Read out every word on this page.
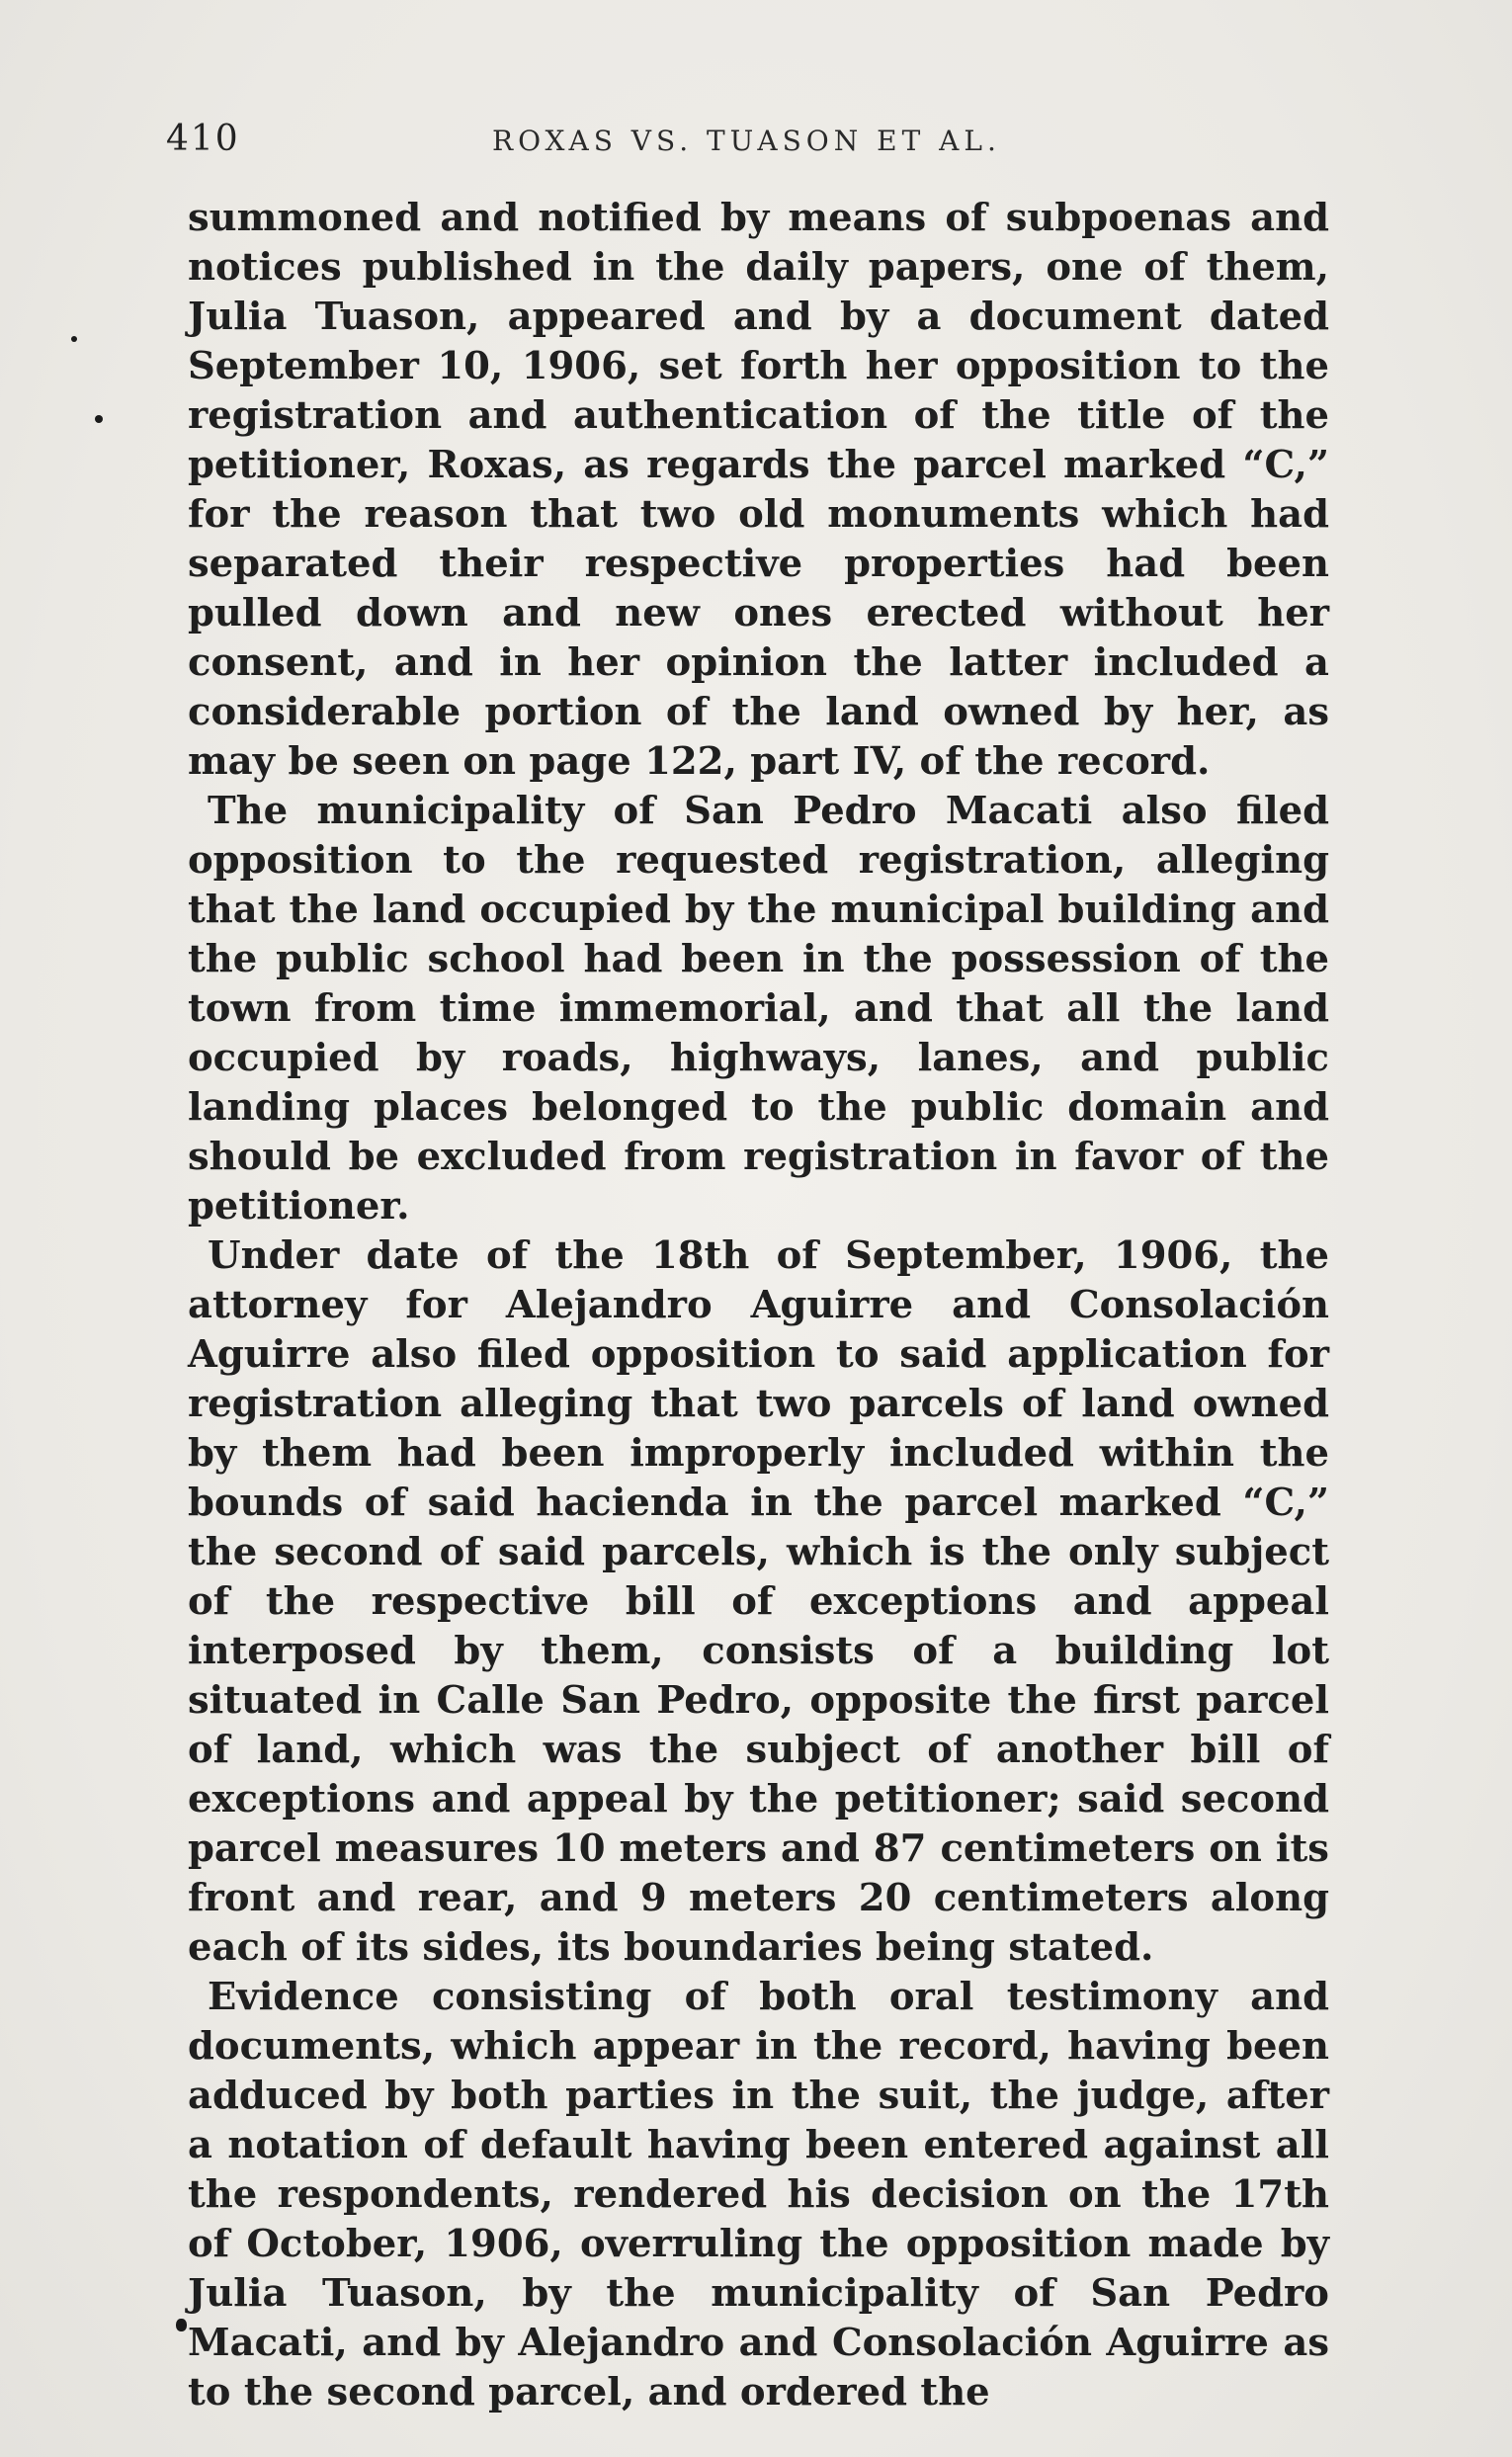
410	ROXAS VS. TUASON ET AL.

summoned and notified by means of subpoenas and notices published in the daily papers, one of them, Julia Tuason, appeared and by a document dated September 10, 1906, set forth her opposition to the registration and authentication of the title of the petitioner, Roxas, as regards the parcel marked “C,” for the reason that two old monuments which had separated their respective properties had been pulled down and new ones erected without her consent, and in her opinion the latter included a considerable portion of the land owned by her, as may be seen on page 122, part IV, of the record.

The municipality of San Pedro Macati also filed opposition to the requested registration, alleging that the land occupied by the municipal building and the public school had been in the possession of the town from time immemorial, and that all the land occupied by roads, highways, lanes, and public landing places belonged to the public domain and should be excluded from registration in favor of the petitioner.

Under date of the 18th of September, 1906, the attorney for Alejandro Aguirre and Consolación Aguirre also filed opposition to said application for registration alleging that two parcels of land owned by them had been improperly included within the bounds of said hacienda in the parcel marked “C,” the second of said parcels, which is the only subject of the respective bill of exceptions and appeal interposed by them, consists of a building lot situated in Calle San Pedro, opposite the first parcel of land, which was the subject of another bill of exceptions and appeal by the petitioner; said second parcel measures 10 meters and 87 centimeters on its front and rear, and 9 meters 20 centimeters along each of its sides, its boundaries being stated.

Evidence consisting of both oral testimony and documents, which appear in the record, having been adduced by both parties in the suit, the judge, after a notation of default having been entered against all the respondents, rendered his decision on the 17th of October, 1906, overruling the opposition made by Julia Tuason, by the municipality of San Pedro Macati, and by Alejandro and Consolación Aguirre as to the second parcel, and ordered the
